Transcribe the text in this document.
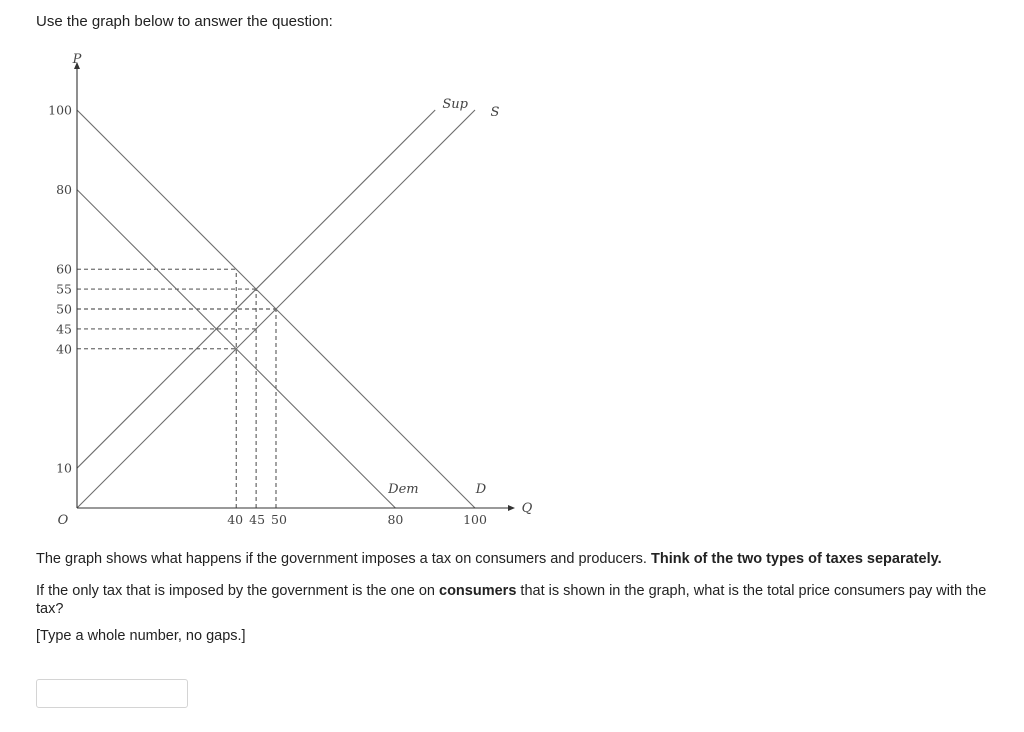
Use the graph below to answer the question:
P
Q
O
100
80
60
55
50
45
40
10
40 45 50	80	100
D
Dem
S
Sup
The graph shows what happens if the government imposes a tax on consumers and producers. Think of the two types of taxes separately.
If the only tax that is imposed by the government is the one on consumers that is shown in the graph, what is the total price consumers pay with the tax?
[Type a whole number, no gaps.]
